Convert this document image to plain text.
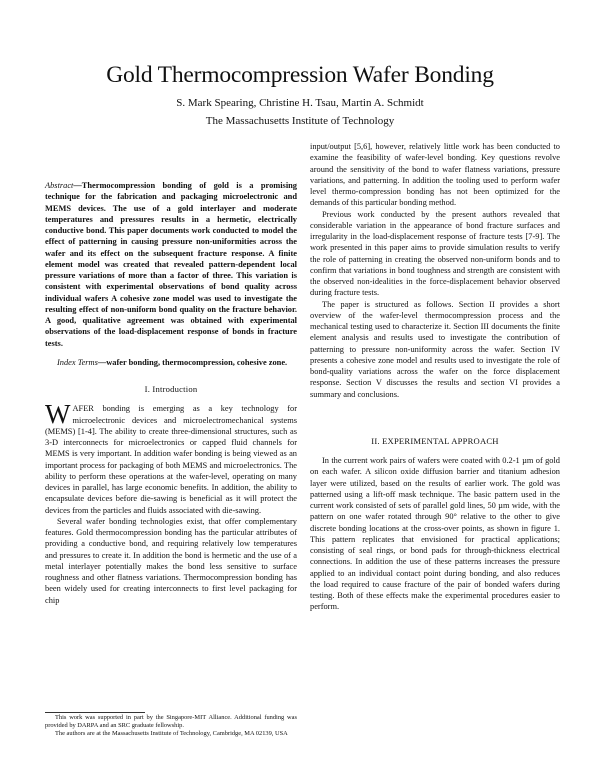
Gold Thermocompression Wafer Bonding
S. Mark Spearing, Christine H. Tsau, Martin A. Schmidt
The Massachusetts Institute of Technology

Abstract—Thermocompression bonding of gold is a promising technique for the fabrication and packaging microelectronic and MEMS devices. The use of a gold interlayer and moderate temperatures and pressures results in a hermetic, electrically conductive bond. This paper documents work conducted to model the effect of patterning in causing pressure non-uniformities across the wafer and its effect on the subsequent fracture response. A finite element model was created that revealed pattern-dependent local pressure variations of more than a factor of three. This variation is consistent with experimental observations of bond quality across individual wafers A cohesive zone model was used to investigate the resulting effect of non-uniform bond quality on the fracture behavior. A good, qualitative agreement was obtained with experimental observations of the load-displacement response of bonds in fracture tests.

Index Terms—wafer bonding, thermocompression, cohesive zone.

I. Introduction

WAFER bonding is emerging as a key technology for microelectronic devices and microelectromechanical systems (MEMS) [1-4]. The ability to create three-dimensional structures, such as 3-D interconnects for microelectronics or capped fluid channels for MEMS is very important. In addition wafer bonding is being viewed as an important process for packaging of both MEMS and microelectronics. The ability to perform these operations at the wafer-level, operating on many devices in parallel, has large economic benefits. In addition, the ability to encapsulate devices before die-sawing is beneficial as it will protect the devices from the particles and fluids associated with die-sawing.

Several wafer bonding technologies exist, that offer complementary features. Gold thermocompression bonding has the particular attributes of providing a conductive bond, and requiring relatively low temperatures and pressures to create it. In addition the bond is hermetic and the use of a metal interlayer potentially makes the bond less sensitive to surface roughness and other flatness variations. Thermocompression bonding has been widely used for creating interconnects to first level packaging for chip

This work was supported in part by the Singapore-MIT Alliance. Additional funding was provided by DARPA and an SRC graduate fellowship.

The authors are at the Massachusetts Institute of Technology, Cambridge, MA 02139, USA

input/output [5,6], however, relatively little work has been conducted to examine the feasibility of wafer-level bonding. Key questions revolve around the sensitivity of the bond to wafer flatness variations, pressure variations, and patterning. In addition the tooling used to perform wafer level thermo-compression bonding has not been optimized for the demands of this particular bonding method.

Previous work conducted by the present authors revealed that considerable variation in the appearance of bond fracture surfaces and irregularity in the load-displacement response of fracture tests [7-9]. The work presented in this paper aims to provide simulation results to verify the role of patterning in creating the observed non-uniform bonds and to confirm that variations in bond toughness and strength are consistent with the observed non-idealities in the force-displacement behavior observed during fracture tests.

The paper is structured as follows. Section II provides a short overview of the wafer-level thermocompression process and the mechanical testing used to characterize it. Section III documents the finite element analysis and results used to investigate the contribution of patterning to pressure non-uniformity across the wafer. Section IV presents a cohesive zone model and results used to investigate the role of bond-quality variations across the wafer on the force displacement response. Section V discusses the results and section VI provides a summary and conclusions.

II. EXPERIMENTAL APPROACH

In the current work pairs of wafers were coated with 0.2-1 µm of gold on each wafer. A silicon oxide diffusion barrier and titanium adhesion layer were utilized, based on the results of earlier work. The gold was patterned using a lift-off mask technique. The basic pattern used in the current work consisted of sets of parallel gold lines, 50 µm wide, with the pattern on one wafer rotated through 90° relative to the other to give discrete bonding locations at the cross-over points, as shown in figure 1. This pattern replicates that envisioned for practical applications; consisting of seal rings, or bond pads for through-thickness electrical connections. In addition the use of these patterns increases the pressure applied to an individual contact point during bonding, and also reduces the load required to cause fracture of the pair of bonded wafers during testing. Both of these effects make the experimental procedures easier to perform.
